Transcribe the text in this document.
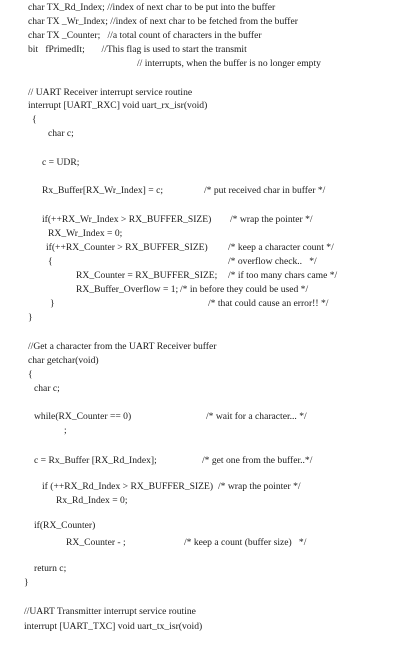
char TX_Rd_Index; //index of next char to be put into the buffer
char TX _Wr_Index; //index of next char to be fetched from the buffer
char TX _Counter;   //a total count of characters in the buffer
bit   fPrimedIt;       //This flag is used to start the transmit
// interrupts, when the buffer is no longer empty
// UART Receiver interrupt service routine
interrupt [UART_RXC] void uart_rx_isr(void)
{
char c;
c = UDR;
Rx_Buffer[RX_Wr_Index] = c;	/* put received char in buffer */
if(++RX_Wr_Index > RX_BUFFER_SIZE) /* wrap the pointer */
RX_Wr_Index = 0;
if(++RX_Counter > RX_BUFFER_SIZE) /* keep a character count */
{	/* overflow check..   */
RX_Counter = RX_BUFFER_SIZE; /* if too many chars came */
RX_Buffer_Overflow = 1; /* in before they could be used */
}	/* that could cause an error!! */
}
//Get a character from the UART Receiver buffer
char getchar(void)
{
char c;
while(RX_Counter == 0)	/* wait for a character... */
;
c = Rx_Buffer [RX_Rd_Index];	/* get one from the buffer..*/
if (++RX_Rd_Index > RX_BUFFER_SIZE) /* wrap the pointer */
Rx_Rd_Index = 0;
if(RX_Counter)
RX_Counter - ;	/* keep a count (buffer size)   */
return c;
}
//UART Transmitter interrupt service routine
interrupt [UART_TXC] void uart_tx_isr(void)
